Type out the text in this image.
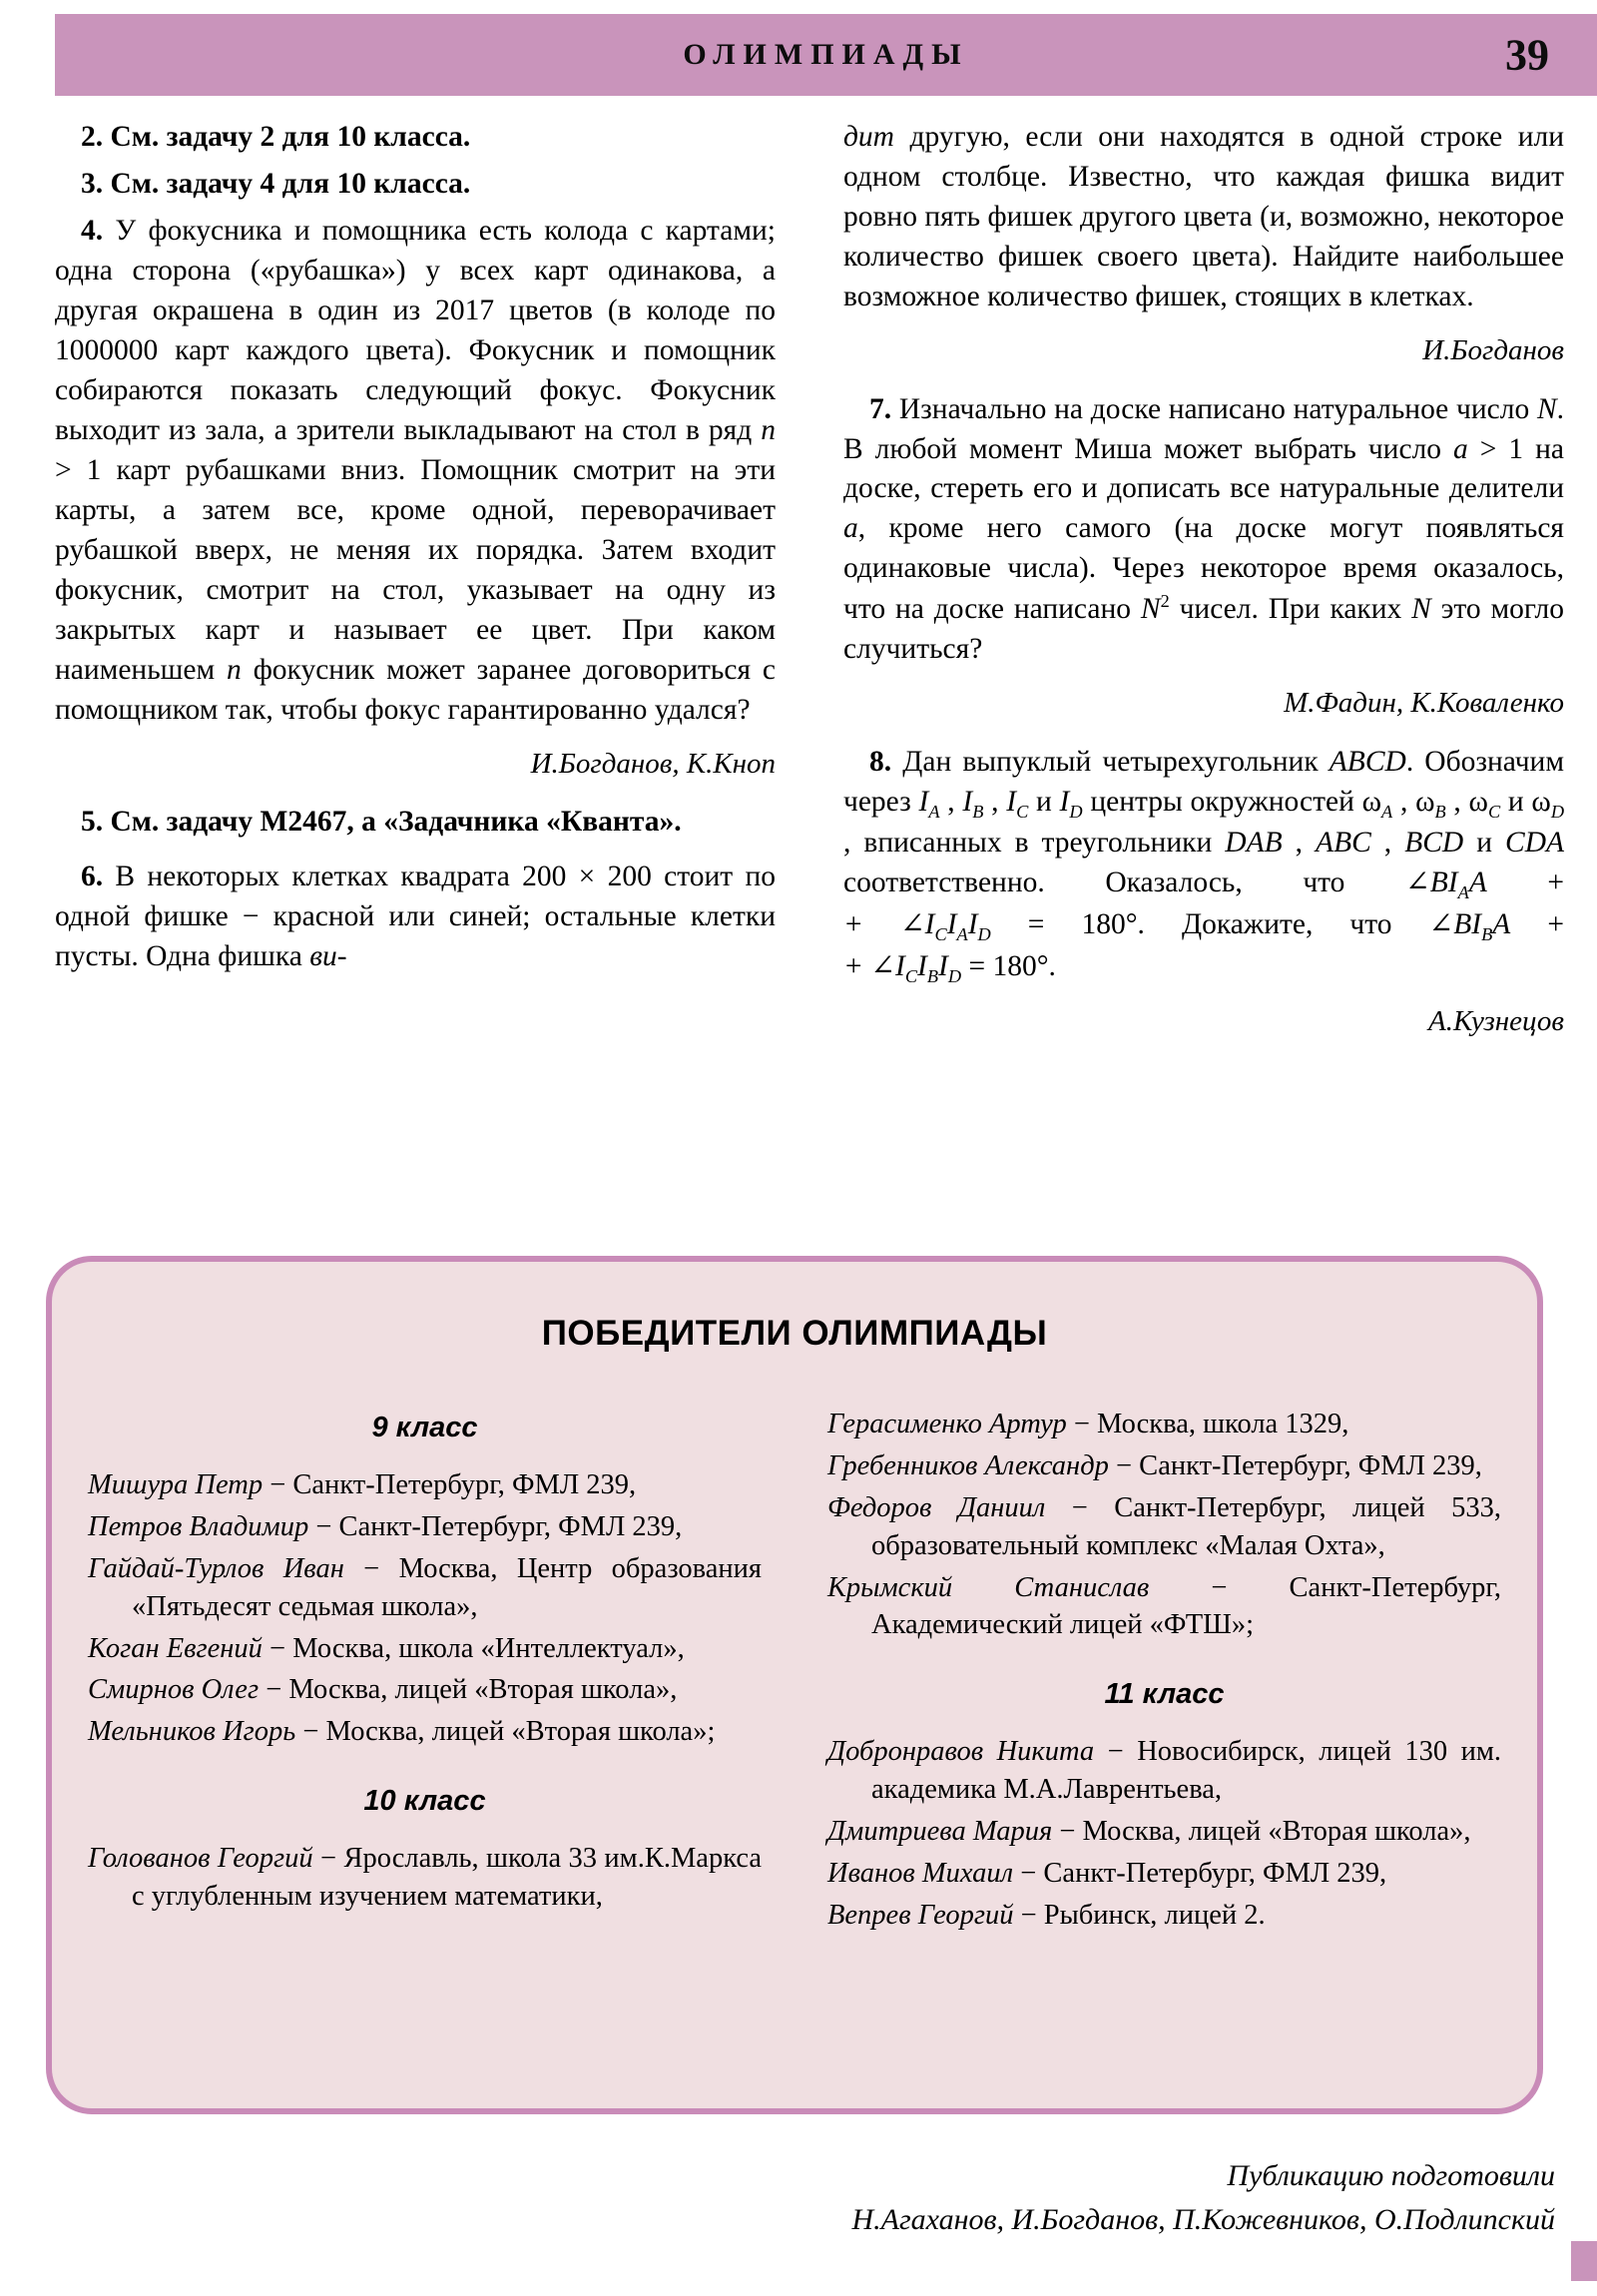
ОЛИМПИАДЫ	39

2. См. задачу 2 для 10 класса.

3. См. задачу 4 для 10 класса.

4. У фокусника и помощника есть колода с картами; одна сторона («рубашка») у всех карт одинакова, а другая окрашена в один из 2017 цветов (в колоде по 1000000 карт каждого цвета). Фокусник и помощник собираются показать следующий фокус. Фокусник выходит из зала, а зрители выкладывают на стол в ряд n > 1 карт рубашками вниз. Помощник смотрит на эти карты, а затем все, кроме одной, переворачивает рубашкой вверх, не меняя их порядка. Затем входит фокусник, смотрит на стол, указывает на одну из закрытых карт и называет ее цвет. При каком наименьшем n фокусник может заранее договориться с помощником так, чтобы фокус гарантированно удался?

И.Богданов, К.Кноп

5. См. задачу М2467, а «Задачника «Кванта».

6. В некоторых клетках квадрата 200 × 200 стоит по одной фишке − красной или синей; остальные клетки пусты. Одна фишка ви-

дит другую, если они находятся в одной строке или одном столбце. Известно, что каждая фишка видит ровно пять фишек другого цвета (и, возможно, некоторое количество фишек своего цвета). Найдите наибольшее возможное количество фишек, стоящих в клетках.

И.Богданов

7. Изначально на доске написано натуральное число N. В любой момент Миша может выбрать число a > 1 на доске, стереть его и дописать все натуральные делители a, кроме него самого (на доске могут появляться одинаковые числа). Через некоторое время оказалось, что на доске написано $N^2$ чисел. При каких N это могло случиться?

М.Фадин, К.Коваленко

8. Дан выпуклый четырехугольник ABCD. Обозначим через $I_A$ , $I_B$ , $I_C$ и $I_D$ центры окружностей $\omega_A$ , $\omega_B$ , $\omega_C$ и $\omega_D$ , вписанных в треугольники DAB , ABC , BCD и CDA соответственно. Оказалось, что $\angle BI_AA$ + + $\angle I_CI_AI_D = 180^\circ$. Докажите, что $\angle BI_BA$ + + $\angle I_CI_BI_D = 180^\circ$.

А.Кузнецов
ПОБЕДИТЕЛИ ОЛИМПИАДЫ
9 класс

Мишура Петр − Санкт-Петербург, ФМЛ 239,

Петров Владимир − Санкт-Петербург, ФМЛ 239,

Гайдай-Турлов Иван − Москва, Центр образования «Пятьдесят седьмая школа»,

Коган Евгений − Москва, школа «Интеллектуал»,

Смирнов Олег − Москва, лицей «Вторая школа»,

Мельников Игорь − Москва, лицей «Вторая школа»;

10 класс

Голованов Георгий − Ярославль, школа 33 им.К.Маркса с углубленным изучением математики,

Герасименко Артур − Москва, школа 1329,

Гребенников Александр − Санкт-Петербург, ФМЛ 239,

Федоров Даниил − Санкт-Петербург, лицей 533, образовательный комплекс «Малая Охта»,

Крымский Станислав − Санкт-Петербург, Академический лицей «ФТШ»;

11 класс

Добронравов Никита − Новосибирск, лицей 130 им. академика М.А.Лаврентьева,

Дмитриева Мария − Москва, лицей «Вторая школа»,

Иванов Михаил − Санкт-Петербург, ФМЛ 239,

Вепрев Георгий − Рыбинск, лицей 2.

Публикацию подготовили
Н.Агаханов, И.Богданов, П.Кожевников, О.Подлипский
